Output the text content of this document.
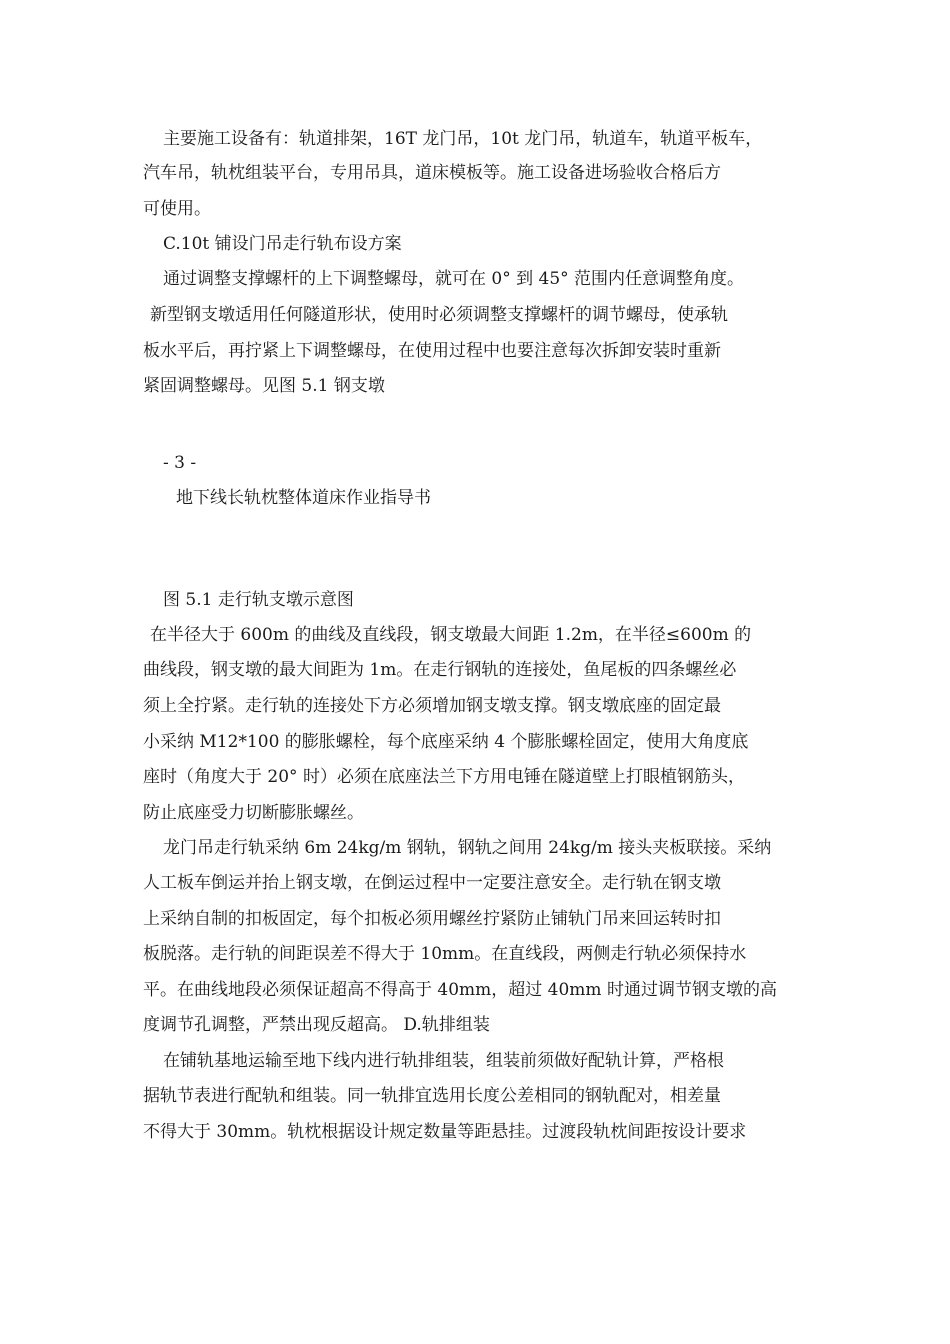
主要施工设备有：轨道排架，16T 龙门吊，10t 龙门吊，轨道车，轨道平板车，
汽车吊，轨枕组装平台，专用吊具，道床模板等。施工设备进场验收合格后方
可使用。
C.10t 铺设门吊走行轨布设方案
通过调整支撑螺杆的上下调整螺母，就可在 0° 到 45° 范围内任意调整角度。
新型钢支墩适用任何隧道形状，使用时必须调整支撑螺杆的调节螺母，使承轨
板水平后，再拧紧上下调整螺母，在使用过程中也要注意每次拆卸安装时重新
紧固调整螺母。见图 5.1 钢支墩
- 3 -
地下线长轨枕整体道床作业指导书
图 5.1 走行轨支墩示意图
在半径大于 600m 的曲线及直线段，钢支墩最大间距 1.2m，在半径≤600m 的
曲线段，钢支墩的最大间距为 1m。在走行钢轨的连接处，鱼尾板的四条螺丝必
须上全拧紧。走行轨的连接处下方必须增加钢支墩支撑。钢支墩底座的固定最
小采纳 M12*100 的膨胀螺栓，每个底座采纳 4 个膨胀螺栓固定，使用大角度底
座时（角度大于 20° 时）必须在底座法兰下方用电锤在隧道壁上打眼植钢筋头，
防止底座受力切断膨胀螺丝。
龙门吊走行轨采纳 6m 24kg/m 钢轨，钢轨之间用 24kg/m 接头夹板联接。采纳
人工板车倒运并抬上钢支墩，在倒运过程中一定要注意安全。走行轨在钢支墩
上采纳自制的扣板固定，每个扣板必须用螺丝拧紧防止铺轨门吊来回运转时扣
板脱落。走行轨的间距误差不得大于 10mm。在直线段，两侧走行轨必须保持水
平。在曲线地段必须保证超高不得高于 40mm，超过 40mm 时通过调节钢支墩的高
度调节孔调整，严禁出现反超高。 D.轨排组装
在铺轨基地运输至地下线内进行轨排组装，组装前须做好配轨计算，严格根
据轨节表进行配轨和组装。同一轨排宜选用长度公差相同的钢轨配对，相差量
不得大于 30mm。轨枕根据设计规定数量等距悬挂。过渡段轨枕间距按设计要求
